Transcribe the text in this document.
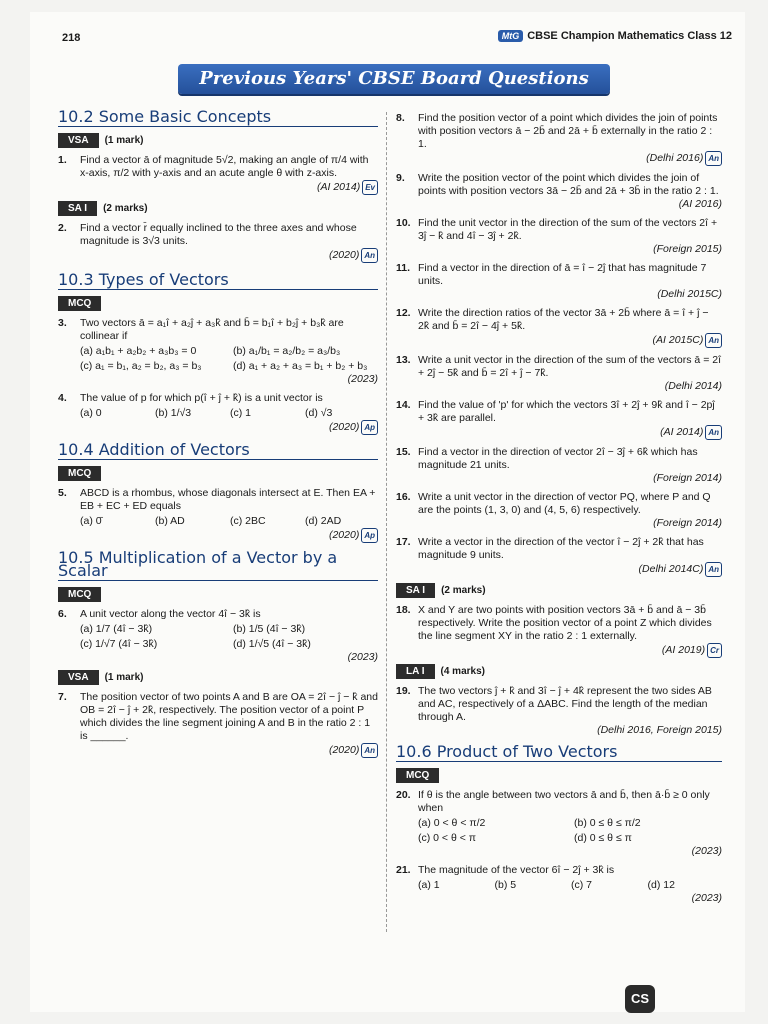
218	MtG CBSE Champion Mathematics Class 12
Previous Years' CBSE Board Questions
10.2 Some Basic Concepts
VSA	(1 mark)
1.	Find a vector ā of magnitude 5√2, making an angle of π/4 with x-axis, π/2 with y-axis and an acute angle θ with z-axis.
(AI 2014) Ev
SA I	(2 marks)
2.	Find a vector r̄ equally inclined to the three axes and whose magnitude is 3√3 units.
(2020) An
10.3 Types of Vectors
MCQ
3.	Two vectors ā = a₁î + a₂ĵ + a₃k̂ and b̄ = b₁î + b₂ĵ + b₃k̂ are collinear if
(a) a₁b₁ + a₂b₂ + a₃b₃ = 0	(b) a₁/b₁ = a₂/b₂ = a₃/b₃
(c) a₁ = b₁, a₂ = b₂, a₃ = b₃	(d) a₁ + a₂ + a₃ = b₁ + b₂ + b₃
(2023)
4.	The value of p for which p(î + ĵ + k̂) is a unit vector is
(a) 0	(b) 1/√3	(c) 1	(d) √3
(2020) Ap
10.4 Addition of Vectors
MCQ
5.	ABCD is a rhombus, whose diagonals intersect at E. Then EA + EB + EC + ED equals
(a) 0̄	(b) AD	(c) 2BC	(d) 2AD
(2020) Ap
10.5 Multiplication of a Vector by a Scalar
MCQ
6.	A unit vector along the vector 4î − 3k̂ is
(a) 1/7 (4î − 3k̂)	(b) 1/5 (4î − 3k̂)
(c) 1/√7 (4î − 3k̂)	(d) 1/√5 (4î − 3k̂)
(2023)
VSA	(1 mark)
7.	The position vector of two points A and B are OA = 2î − ĵ − k̂ and OB = 2î − ĵ + 2k̂, respectively. The position vector of a point P which divides the line segment joining A and B in the ratio 2 : 1 is ______.
(2020) An
8.	Find the position vector of a point which divides the join of points with position vectors ā − 2b̄ and 2ā + b̄ externally in the ratio 2 : 1.
(Delhi 2016) An
9.	Write the position vector of the point which divides the join of points with position vectors 3ā − 2b̄ and 2ā + 3b̄ in the ratio 2 : 1.
(AI 2016)
10. Find the unit vector in the direction of the sum of the vectors 2î + 3ĵ − k̂ and 4î − 3ĵ + 2k̂.
(Foreign 2015)
11. Find a vector in the direction of ā = î − 2ĵ that has magnitude 7 units.
(Delhi 2015C)
12. Write the direction ratios of the vector 3ā + 2b̄ where ā = î + ĵ − 2k̂ and b̄ = 2î − 4ĵ + 5k̂.
(AI 2015C) An
13. Write a unit vector in the direction of the sum of the vectors ā = 2î + 2ĵ − 5k̂ and b̄ = 2î + ĵ − 7k̂.
(Delhi 2014)
14. Find the value of 'p' for which the vectors 3î + 2ĵ + 9k̂ and î − 2pĵ + 3k̂ are parallel.
(AI 2014) An
15. Find a vector in the direction of vector 2î − 3ĵ + 6k̂ which has magnitude 21 units.
(Foreign 2014)
16. Write a unit vector in the direction of vector PQ, where P and Q are the points (1, 3, 0) and (4, 5, 6) respectively.
(Foreign 2014)
17. Write a vector in the direction of the vector î − 2ĵ + 2k̂ that has magnitude 9 units.
(Delhi 2014C) An
SA I	(2 marks)
18. X and Y are two points with position vectors 3ā + b̄ and ā − 3b̄ respectively. Write the position vector of a point Z which divides the line segment XY in the ratio 2 : 1 externally.
(AI 2019) Cr
LA I	(4 marks)
19. The two vectors ĵ + k̂ and 3î − ĵ + 4k̂ represent the two sides AB and AC, respectively of a ΔABC. Find the length of the median through A.
(Delhi 2016, Foreign 2015)
10.6 Product of Two Vectors
MCQ
20. If θ is the angle between two vectors ā and b̄, then ā·b̄ ≥ 0 only when
(a) 0 < θ < π/2	(b) 0 ≤ θ ≤ π/2
(c) 0 < θ < π	(d) 0 ≤ θ ≤ π
(2023)
21. The magnitude of the vector 6î − 2ĵ + 3k̂ is
(a) 1	(b) 5	(c) 7	(d) 12
(2023)
CS
